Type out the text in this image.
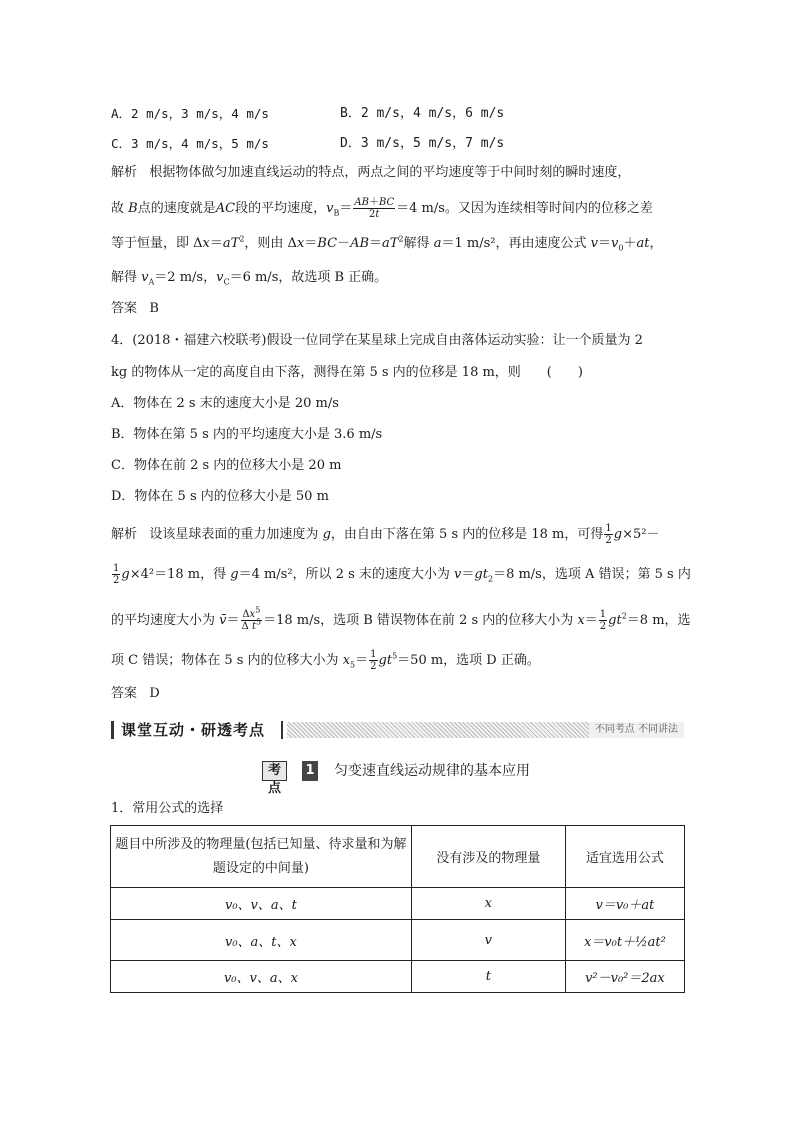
A．2 m/s，3 m/s，4 m/s	B．2 m/s，4 m/s，6 m/s
C．3 m/s，4 m/s，5 m/s	D．3 m/s，5 m/s，7 m/s
解析 根据物体做匀加速直线运动的特点，两点之间的平均速度等于中间时刻的瞬时速度，
故 B点的速度就是AC段的平均速度，$v_B= \frac{AB+BC}{2t} =4$ m/s。又因为连续相等时间内的位移之差
等于恒量，即 $\Delta x=aT^2$，则由 $\Delta x=BC-AB=aT^2$解得 a＝1 m/s²，再由速度公式 $v=v_0+at$，
解得 $v_A=2$ m/s，$v_C=6$ m/s，故选项 B 正确。
答案 B
4．(2018・福建六校联考)假设一位同学在某星球上完成自由落体运动实验：让一个质量为 2
kg 的物体从一定的高度自由下落，测得在第 5 s 内的位移是 18 m，则　　(　　)
A．物体在 2 s 末的速度大小是 20 m/s
B．物体在第 5 s 内的平均速度大小是 3.6 m/s
C．物体在前 2 s 内的位移大小是 20 m
D．物体在 5 s 内的位移大小是 50 m
解析 设该星球表面的重力加速度为 g，由自由下落在第 5 s 内的位移是 18 m，可得 $\frac{1}{2} g\times 5^2-$
$\frac{1}{2} g\times 4^2=18$ m，得 g＝4 m/s²，所以 2 s 末的速度大小为 $v=gt_2=8$ m/s，选项 A 错误；第 5 s 内
的平均速度大小为 v̄＝ $\frac{\Delta x^5}{\Delta t^5} =18$ m/s，选项 B 错误物体在前 2 s 内的位移大小为 $x= \frac{1}{2} gt^2=8$ m，选
项 C 错误；物体在 5 s 内的位移大小为 $x_5= \frac{1}{2} gt^5=50$ m，选项 D 正确。
答案 D
课堂互动・研透考点	不同考点 不同讲法
考点
1 匀变速直线运动规律的基本应用
1．常用公式的选择
题目中所涉及的物理量(包括已知量、待求量和为解题设定的中间量)	没有涉及的物理量	适宜选用公式
v₀、v、a、t	x	v＝v₀＋at
v₀、a、t、x	v	x＝v₀t＋½at²
v₀、v、a、x	t	v²－v₀²＝2ax
